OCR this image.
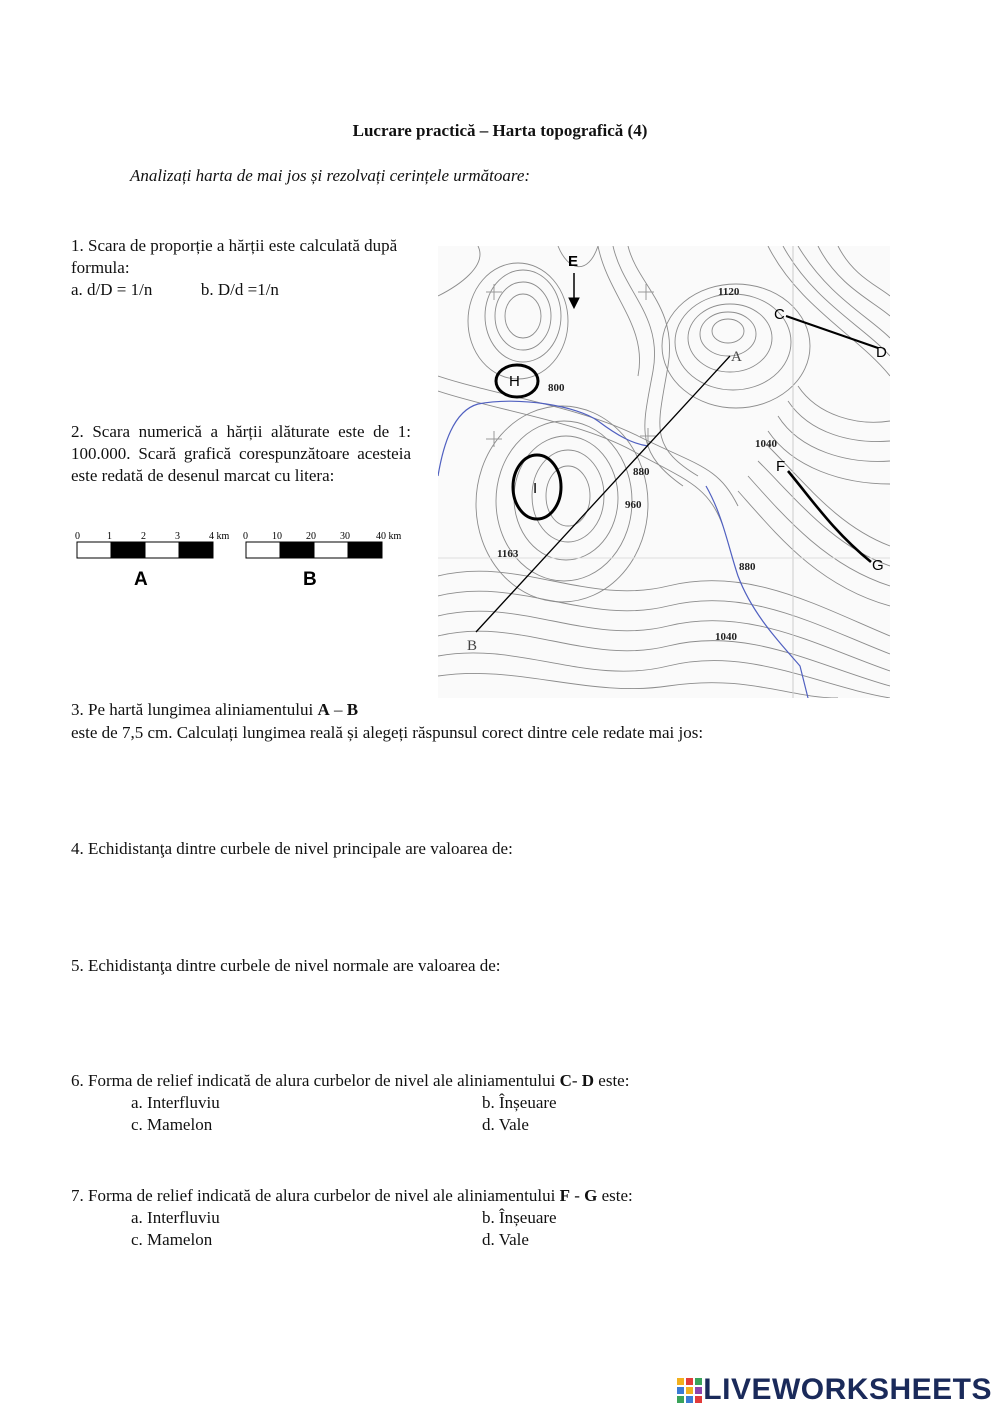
Lucrare practică – Harta topografică (4)
Analizați harta de mai jos și rezolvați cerințele următoare:
1. Scara de proporție a hărții este calculată după formula:
a. d/D = 1/n	b. D/d =1/n
2. Scara numerică a hărții alăturate este de 1: 100.000. Scară grafică corespunzătoare acesteia este redată de desenul marcat cu litera:
0	1	2	3	4 km
A
0 10 20 30	40 km
B
E
C
D
A
B
F
G
H
I
1120
800
1040
880
960
1163
880
1040
3. Pe hartă lungimea aliniamentului A – B
este de 7,5 cm. Calculați lungimea reală și alegeți răspunsul corect dintre cele redate mai jos:
4. Echidistanţa dintre curbele de nivel principale are valoarea de:
5. Echidistanţa dintre curbele de nivel normale are valoarea de:
6. Forma de relief indicată de alura curbelor de nivel ale aliniamentului C- D este:
a. Interfluviu	b. Înșeuare
c. Mamelon	d. Vale
7. Forma de relief indicată de alura curbelor de nivel ale aliniamentului F - G este:
a. Interfluviu	b. Înșeuare
c. Mamelon	d. Vale
LIVEWORKSHEETS
